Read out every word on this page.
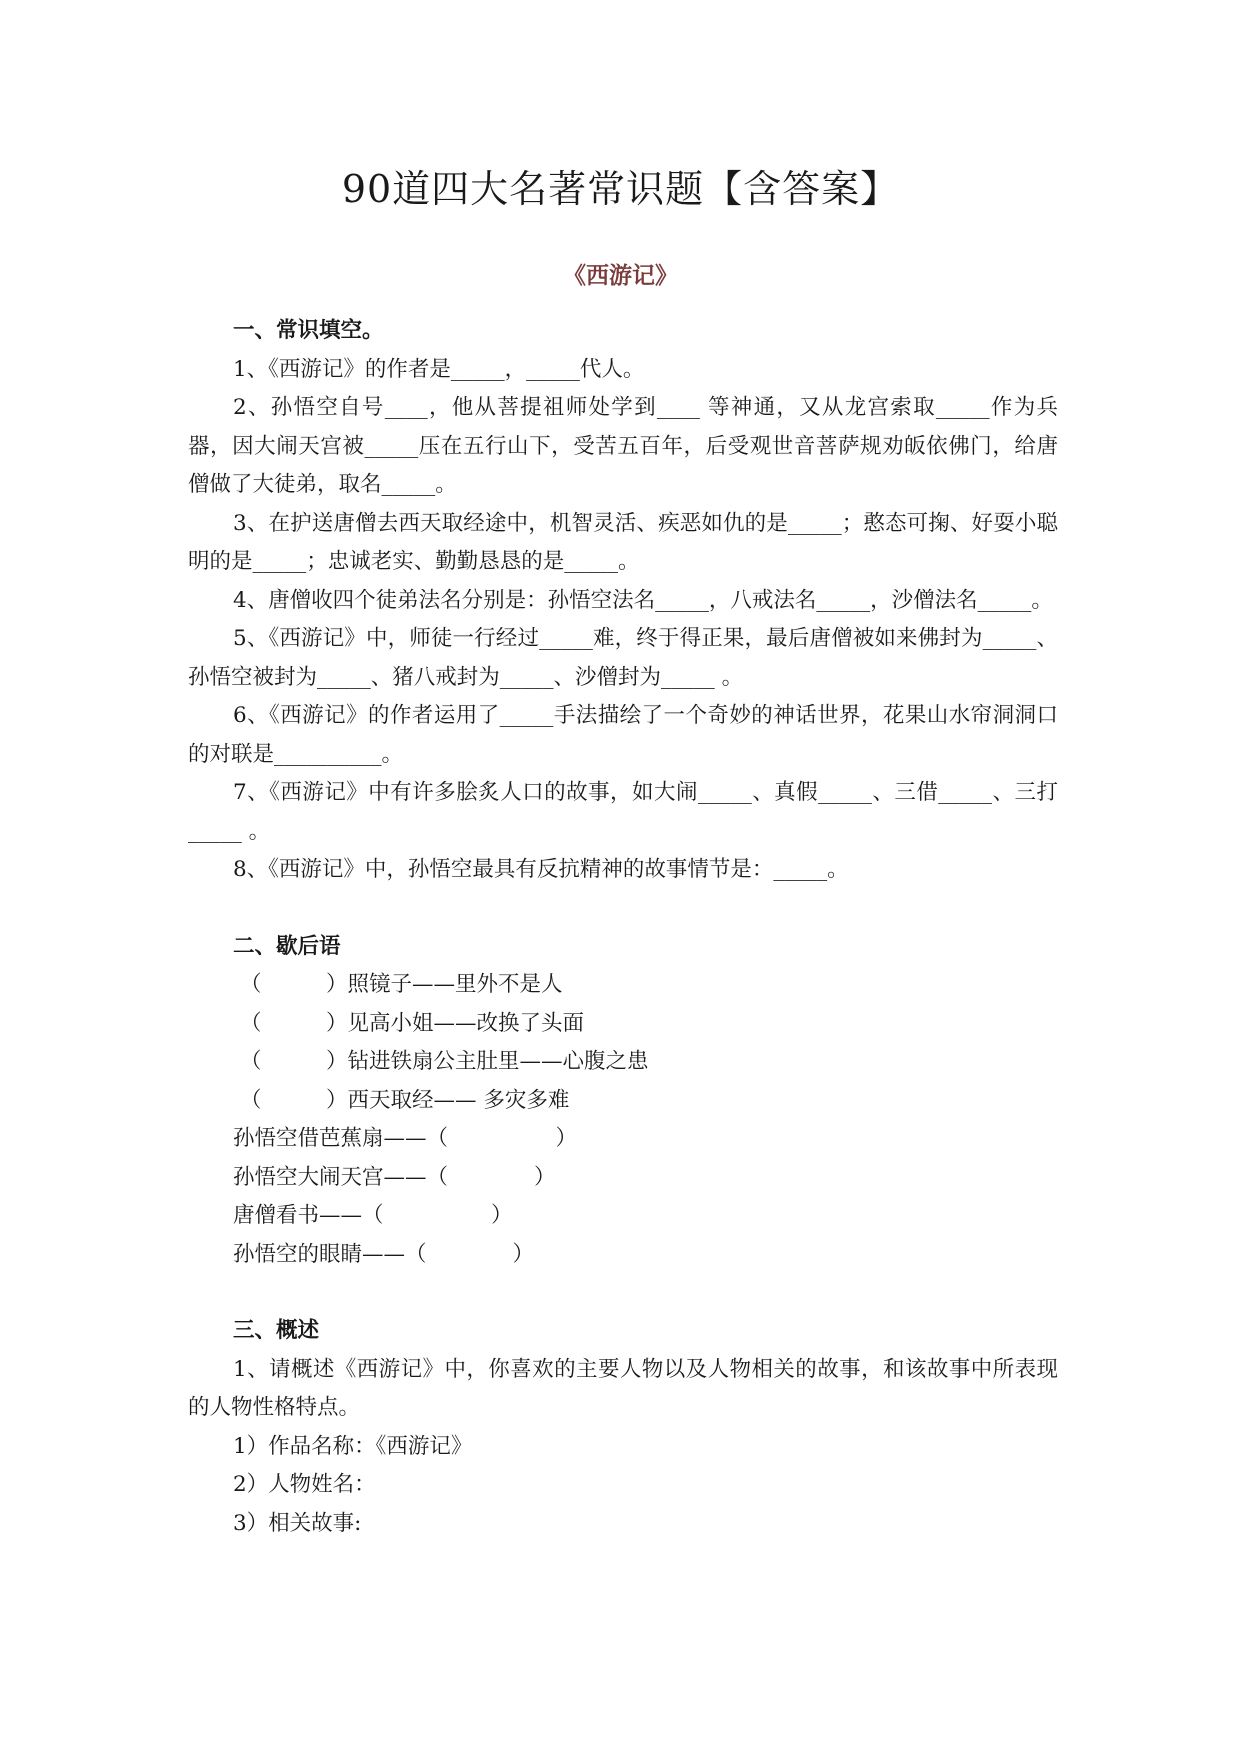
90道四大名著常识题【含答案】
《西游记》

一、常识填空。

1、《西游记》的作者是_____，_____代人。

2、孙悟空自号____，他从菩提祖师处学到____ 等神通，又从龙宫索取_____作为兵器，因大闹天宫被_____压在五行山下，受苦五百年，后受观世音菩萨规劝皈依佛门，给唐僧做了大徒弟，取名_____。

3、在护送唐僧去西天取经途中，机智灵活、疾恶如仇的是_____；憨态可掬、好耍小聪明的是_____；忠诚老实、勤勤恳恳的是_____。

4、唐僧收四个徒弟法名分别是：孙悟空法名_____，八戒法名_____，沙僧法名_____。

5、《西游记》中，师徒一行经过_____难，终于得正果，最后唐僧被如来佛封为_____、孙悟空被封为_____、猪八戒封为_____、沙僧封为_____ 。

6、《西游记》的作者运用了_____手法描绘了一个奇妙的神话世界，花果山水帘洞洞口的对联是__________。

7、《西游记》中有许多脍炙人口的故事，如大闹_____、真假_____、三借_____、三打_____ 。

8、《西游记》中，孙悟空最具有反抗精神的故事情节是：_____。

二、歇后语

（　　　）照镜子——里外不是人

（　　　）见高小姐——改换了头面

（　　　）钻进铁扇公主肚里——心腹之患

（　　　）西天取经—— 多灾多难

孙悟空借芭蕉扇——（　　　　　）

孙悟空大闹天宫——（　　　　）

唐僧看书——（　　　　　）

孙悟空的眼睛——（　　　　）

三、概述

1、请概述《西游记》中，你喜欢的主要人物以及人物相关的故事，和该故事中所表现的人物性格特点。

1）作品名称：《西游记》

2）人物姓名：

3）相关故事:
